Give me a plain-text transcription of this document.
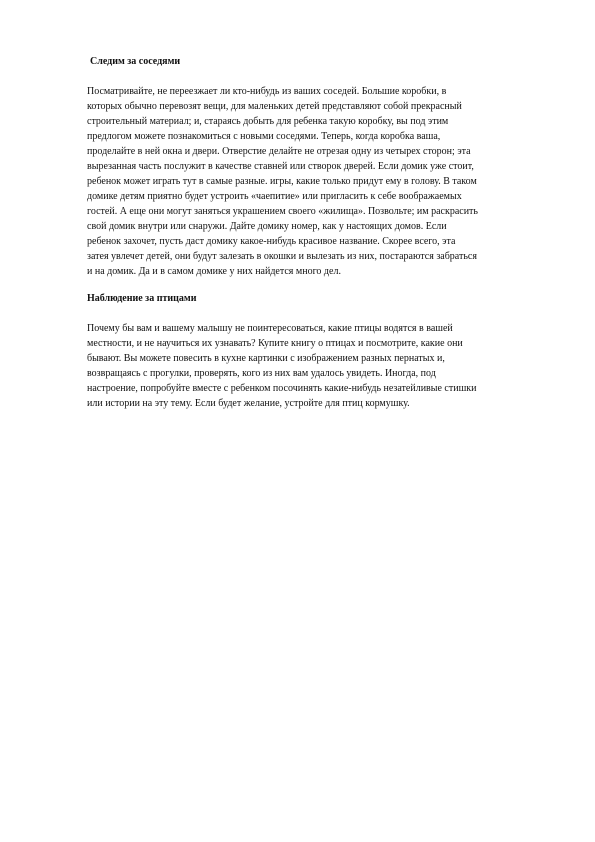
Следим за соседями

Посматривайте, не переезжает ли кто-нибудь из ваших соседей. Большие коробки, в
которых обычно перевозят вещи, для маленьких детей представляют собой прекрасный
строительный материал; и, стараясь добыть для ребенка такую коробку, вы под этим
предлогом можете познакомиться с новыми соседями. Теперь, когда коробка ваша,
проделайте в ней окна и двери. Отверстие делайте не отрезая одну из четырех сторон; эта
вырезанная часть послужит в качестве ставней или створок дверей. Если домик уже стоит,
ребенок может играть тут в самые разные. игры, какие только придут ему в голову. В таком
домике детям приятно будет устроить «чаепитие» или пригласить к себе воображаемых
гостей. А еще они могут заняться украшением своего «жилища». Позвольте; им раскрасить
свой домик внутри или снаружи. Дайте домику номер, как у настоящих домов. Если
ребенок захочет, пусть даст домику какое-нибудь красивое название. Скорее всего, эта
затея увлечет детей, они будут залезать в окошки и вылезать из них, постараются забраться
и на домик. Да и в самом домике у них найдется много дел.

Наблюдение за птицами

Почему бы вам и вашему малышу не поинтересоваться, какие птицы водятся в вашей
местности, и не научиться их узнавать? Купите книгу о птицах и посмотрите, какие они
бывают. Вы можете повесить в кухне картинки с изображением разных пернатых и,
возвращаясь с прогулки, проверять, кого из них вам удалось увидеть. Иногда, под
настроение, попробуйте вместе с ребенком посочинять какие-нибудь незатейливые стишки
или истории на эту тему. Если будет желание, устройте для птиц кормушку.
